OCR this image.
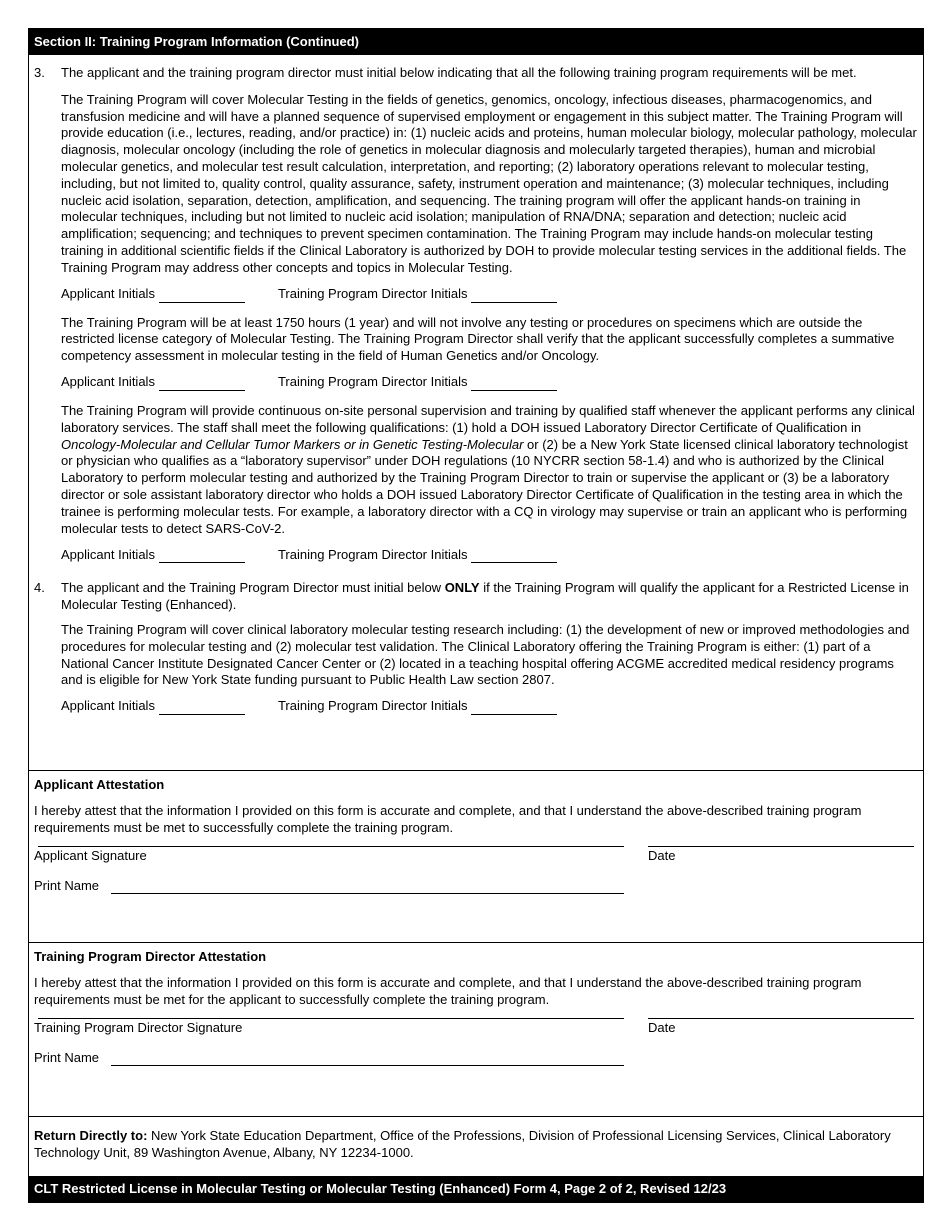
Section II: Training Program Information (Continued)
3.	The applicant and the training program director must initial below indicating that all the following training program requirements will be met.

The Training Program will cover Molecular Testing in the fields of genetics, genomics, oncology, infectious diseases, pharmacogenomics, and transfusion medicine and will have a planned sequence of supervised employment or engagement in this subject matter. The Training Program will provide education (i.e., lectures, reading, and/or practice) in: (1) nucleic acids and proteins, human molecular biology, molecular pathology, molecular diagnosis, molecular oncology (including the role of genetics in molecular diagnosis and molecularly targeted therapies), human and microbial molecular genetics, and molecular test result calculation, interpretation, and reporting; (2) laboratory operations relevant to molecular testing, including, but not limited to, quality control, quality assurance, safety, instrument operation and maintenance; (3) molecular techniques, including nucleic acid isolation, separation, detection, amplification, and sequencing. The training program will offer the applicant hands-on training in molecular techniques, including but not limited to nucleic acid isolation; manipulation of RNA/DNA; separation and detection; nucleic acid amplification; sequencing; and techniques to prevent specimen contamination. The Training Program may include hands-on molecular testing training in additional scientific fields if the Clinical Laboratory is authorized by DOH to provide molecular testing services in the additional fields. The Training Program may address other concepts and topics in Molecular Testing.

Applicant Initials	Training Program Director Initials

The Training Program will be at least 1750 hours (1 year) and will not involve any testing or procedures on specimens which are outside the restricted license category of Molecular Testing. The Training Program Director shall verify that the applicant successfully completes a summative competency assessment in molecular testing in the field of Human Genetics and/or Oncology.

Applicant Initials	Training Program Director Initials

The Training Program will provide continuous on-site personal supervision and training by qualified staff whenever the applicant performs any clinical laboratory services. The staff shall meet the following qualifications: (1) hold a DOH issued Laboratory Director Certificate of Qualification in Oncology-Molecular and Cellular Tumor Markers or in Genetic Testing-Molecular or (2) be a New York State licensed clinical laboratory technologist or physician who qualifies as a “laboratory supervisor” under DOH regulations (10 NYCRR section 58-1.4) and who is authorized by the Clinical Laboratory to perform molecular testing and authorized by the Training Program Director to train or supervise the applicant or (3) be a laboratory director or sole assistant laboratory director who holds a DOH issued Laboratory Director Certificate of Qualification in the testing area in which the trainee is performing molecular tests. For example, a laboratory director with a CQ in virology may supervise or train an applicant who is performing molecular tests to detect SARS-CoV-2.

Applicant Initials	Training Program Director Initials
4.	The applicant and the Training Program Director must initial below ONLY if the Training Program will qualify the applicant for a Restricted License in Molecular Testing (Enhanced).

The Training Program will cover clinical laboratory molecular testing research including: (1) the development of new or improved methodologies and procedures for molecular testing and (2) molecular test validation. The Clinical Laboratory offering the Training Program is either: (1) part of a National Cancer Institute Designated Cancer Center or (2) located in a teaching hospital offering ACGME accredited medical residency programs and is eligible for New York State funding pursuant to Public Health Law section 2807.

Applicant Initials	Training Program Director Initials
Applicant Attestation

I hereby attest that the information I provided on this form is accurate and complete, and that I understand the above-described training program requirements must be met to successfully complete the training program.

Applicant Signature	Date
Print Name
Training Program Director Attestation

I hereby attest that the information I provided on this form is accurate and complete, and that I understand the above-described training program requirements must be met for the applicant to successfully complete the training program.

Training Program Director Signature	Date
Print Name
Return Directly to: New York State Education Department, Office of the Professions, Division of Professional Licensing Services, Clinical Laboratory Technology Unit, 89 Washington Avenue, Albany, NY 12234-1000.
CLT Restricted License in Molecular Testing or Molecular Testing (Enhanced) Form 4, Page 2 of 2, Revised 12/23
